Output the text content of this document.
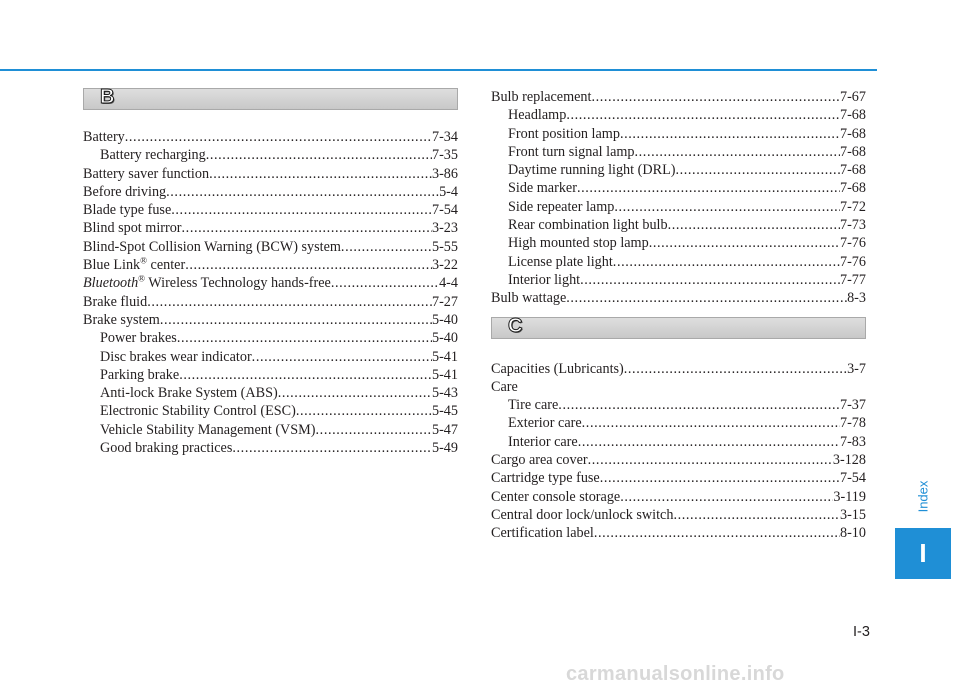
B
Battery .....	7-34
Battery recharging .....	7-35
Battery saver function .....	3-86
Before driving .....	5-4
Blade type fuse .....	7-54
Blind spot mirror .....	3-23
Blind-Spot Collision Warning (BCW) system .....	5-55
Blue Link® center .....	3-22
Bluetooth® Wireless Technology hands-free .....	4-4
Brake fluid .....	7-27
Brake system .....	5-40
Power brakes .....	5-40
Disc brakes wear indicator .....	5-41
Parking brake .....	5-41
Anti-lock Brake System (ABS) .....	5-43
Electronic Stability Control (ESC) .....	5-45
Vehicle Stability Management (VSM) .....	5-47
Good braking practices .....	5-49
Bulb replacement .....	7-67
Headlamp .....	7-68
Front position lamp .....	7-68
Front turn signal lamp .....	7-68
Daytime running light (DRL) .....	7-68
Side marker .....	7-68
Side repeater lamp .....	7-72
Rear combination light bulb .....	7-73
High mounted stop lamp .....	7-76
License plate light .....	7-76
Interior light .....	7-77
Bulb wattage .....	8-3
C
Capacities (Lubricants) .....	3-7
Care
Tire care .....	7-37
Exterior care .....	7-78
Interior care .....	7-83
Cargo area cover .....	3-128
Cartridge type fuse .....	7-54
Center console storage .....	3-119
Central door lock/unlock switch .....	3-15
Certification label .....	8-10
Index
I
I-3
carmanualsonline.info
